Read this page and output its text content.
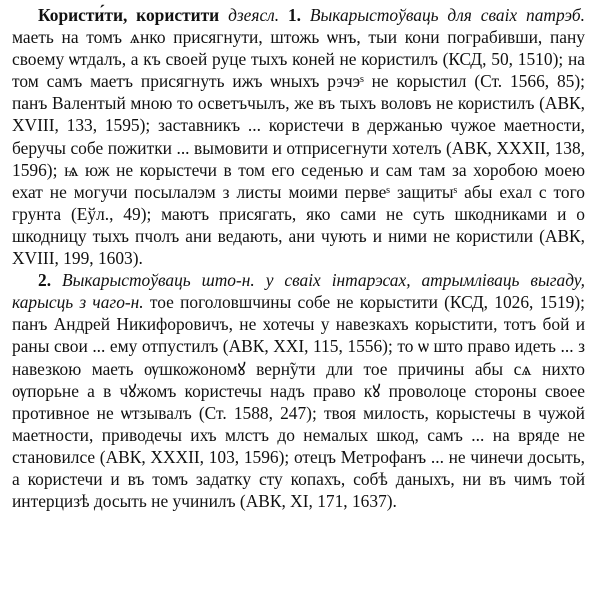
Користи́ти, користити дзеясл. 1. Выкарыстоўваць для сваіх патрэб. маеть на томъ ѧнко присягнути, штожь ѡнъ, тыи кони пограбивши, пану своему ѡтдалъ, а къ своей руце тыхъ коней не користилъ (КСД, 50, 1510); на том самъ маетъ присягнуть ижъ ѡныхъ рэчэˢ не корыстил (Ст. 1566, 85); панъ Валентый мною то осветъчылъ, же въ тыхъ воловъ не користилъ (АВК, XVIII, 133, 1595); заставникъ ... користечи в держанью чужое маетности, беручы собе пожитки ... вымовити и отприсегнути хотелъ (АВК, XXXII, 138, 1596); ѩ юж не корыстечи в том его седенью и сам там за хоробою моею ехат не могучи посылалэм з листы моими первеˢ защитыˢ абы ехал с того грунта (Еўл., 49); маютъ присягать, яко сами не суть шкодниками и о шкодницу тыхъ пчолъ ани ведають, ани чують и ними не користили (АВК, XVIII, 199, 1603).

2. Выкарыстоўваць што-н. у сваіх інтарэсах, атрымліваць выгаду, карысць з чаго-н. тое поголовшчины собе не корыстити (КСД, 1026, 1519); панъ Андрей Никифоровичъ, не хотечы у навезкахъ корыстити, тотъ бой и раны свои ... ему отпустилъ (АВК, XXI, 115, 1556); то ѡ што право идеть ... з навезкою маеть ѹшкожономꙋ верн̃ути дли тое причины абы сѧ нихто ѹпорьне а в чꙋжомъ користечы надъ право кꙋ проволоце стороны своее противное не ѡтзывалъ (Ст. 1588, 247); твоя милость, корыстечы в чужой маетности, приводечы ихъ млстъ до немалых шкод, самъ ... на вряде не становилсе (АВК, XXXII, 103, 1596); отецъ Метрофанъ ... не чинечи досыть, а користечи и въ томъ задатку сту копахъ, собѣ даныхъ, ни въ чимъ той интерцизѣ досыть не учинилъ (АВК, XI, 171, 1637).
